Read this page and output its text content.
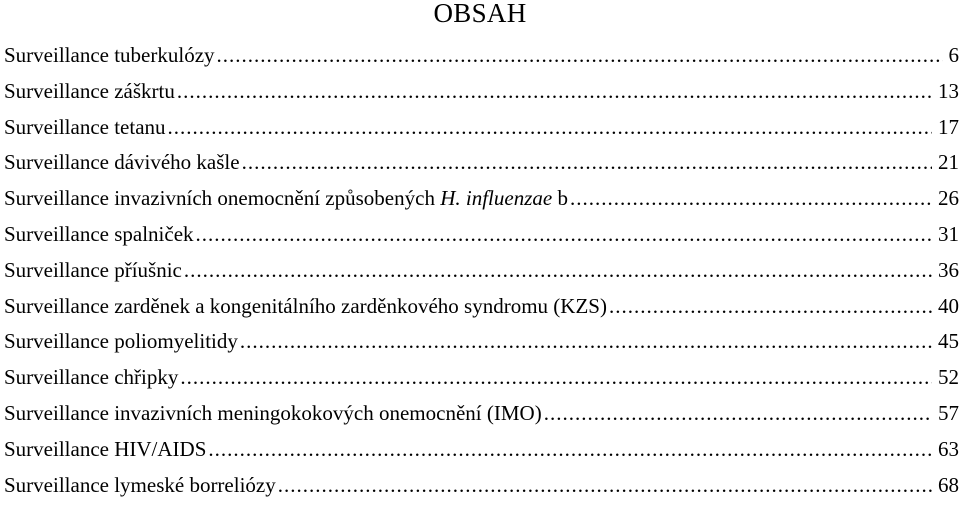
OBSAH
Surveillance tuberkulózy .....	6
Surveillance záškrtu .....	13
Surveillance tetanu .....	17
Surveillance dávivého kašle .....	21
Surveillance invazivních onemocnění způsobených H. influenzae b .....	26
Surveillance spalniček .....	31
Surveillance příušnic .....	36
Surveillance zarděnek a kongenitálního zarděnkového syndromu (KZS) .....	40
Surveillance poliomyelitidy .....	45
Surveillance chřipky .....	52
Surveillance invazivních meningokokových onemocnění (IMO) .....	57
Surveillance HIV/AIDS .....	63
Surveillance lymeské borreliózy .....	68
